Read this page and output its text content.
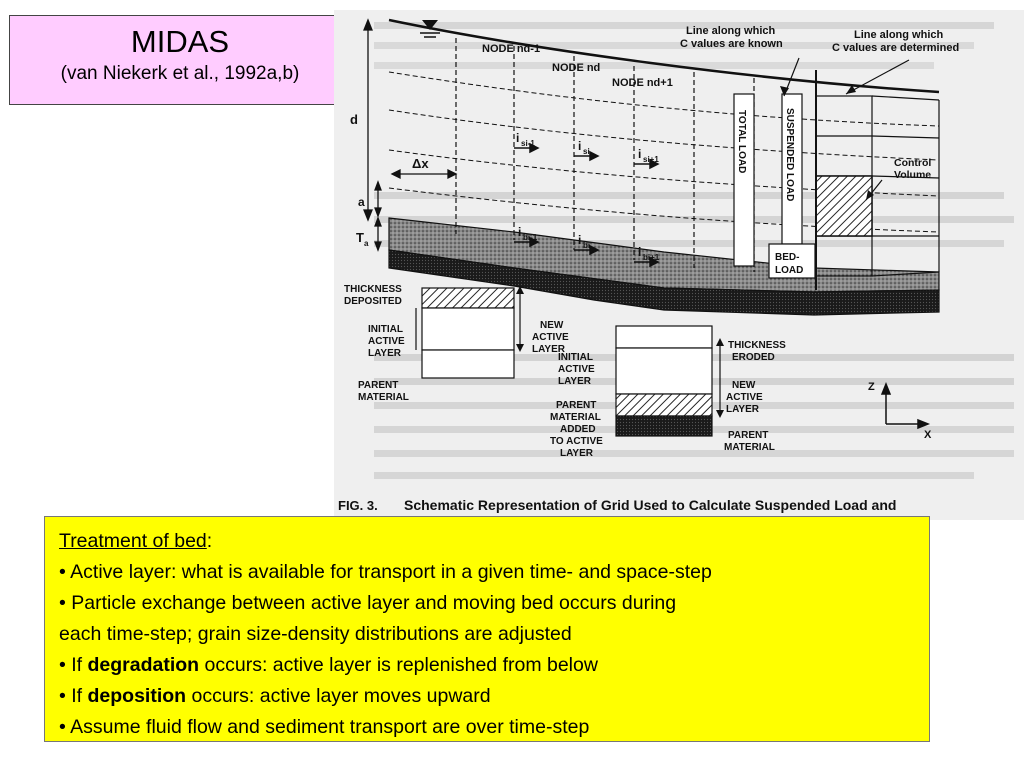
MIDAS
(van Niekerk et al., 1992a,b)
Line along which
C values are known
Line along which
C values are determined
NODE nd-1
NODE nd
NODE nd+1
d
Δx
a
T
TOTAL LOAD	SUSPENDED LOAD
BED-
LOAD
Control
Volume
THICKNESS
DEPOSITED
INITIAL
ACTIVE
LAYER
PARENT
MATERIAL
NEW
ACTIVE
LAYER
INITIAL
ACTIVE
LAYER
PARENT
MATERIAL
ADDED
TO ACTIVE
LAYER
THICKNESS
ERODED
NEW
ACTIVE
LAYER
PARENT
MATERIAL
Z
X
i si-1	i si	i si+1
i bi-1	i bi	i bi+1
a
FIG. 3. Schematic Representation of Grid Used to Calculate Suspended Load and
Treatment of bed:
• Active layer: what is available for transport in a given time- and space-step
• Particle exchange between active layer and moving bed occurs during
each time-step; grain size-density distributions are adjusted
• If degradation occurs: active layer is replenished from below
• If deposition occurs: active layer moves upward
• Assume fluid flow and sediment transport are over time-step
